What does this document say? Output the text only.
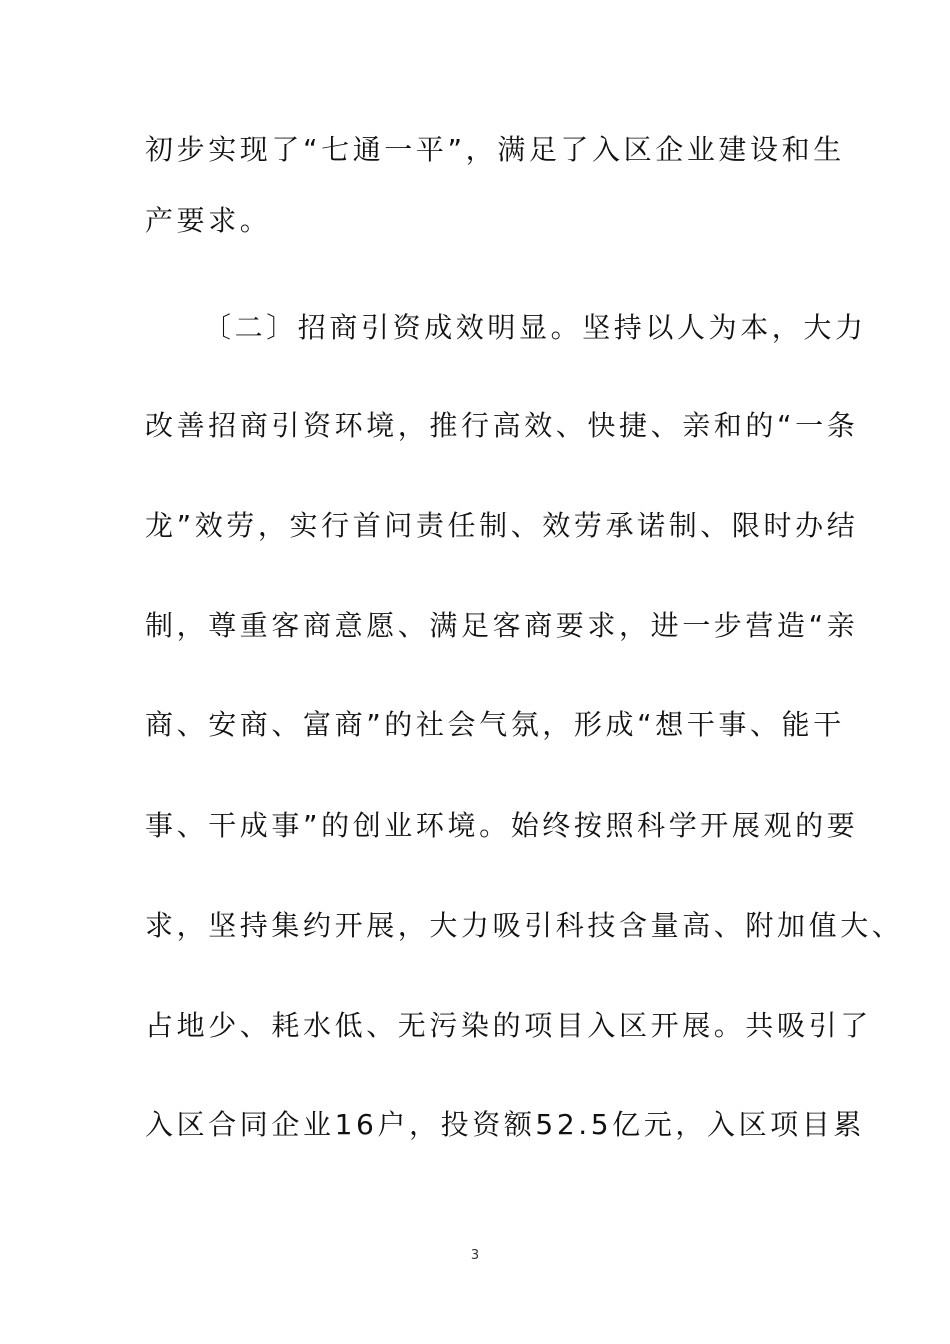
初步实现了“七通一平”，满足了入区企业建设和生
产要求。
〔二〕招商引资成效明显。坚持以人为本，大力
改善招商引资环境，推行高效、快捷、亲和的“一条
龙”效劳，实行首问责任制、效劳承诺制、限时办结
制，尊重客商意愿、满足客商要求，进一步营造“亲
商、安商、富商”的社会气氛，形成“想干事、能干
事、干成事”的创业环境。始终按照科学开展观的要
求，坚持集约开展，大力吸引科技含量高、附加值大、
占地少、耗水低、无污染的项目入区开展。共吸引了
入区合同企业16户，投资额52.5亿元，入区项目累
3
